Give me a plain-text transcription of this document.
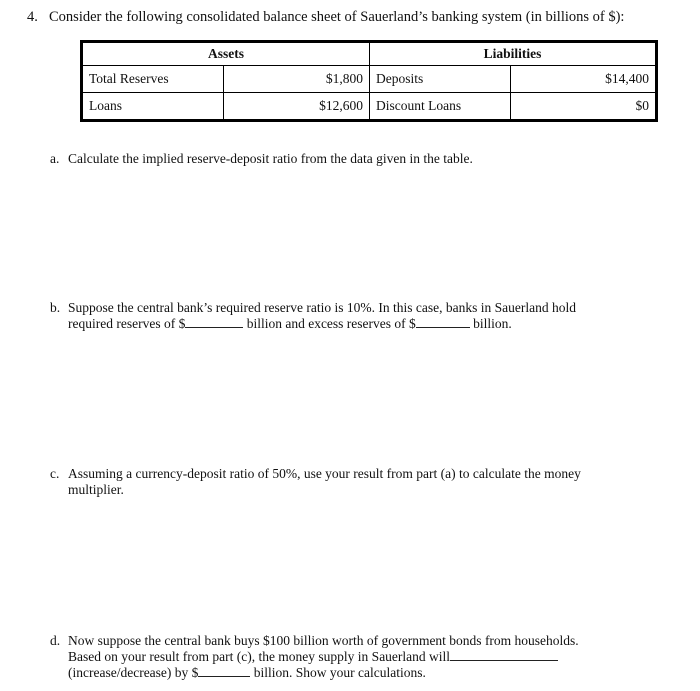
4. Consider the following consolidated balance sheet of Sauerland’s banking system (in billions of $):
Assets		Liabilities	
Total Reserves	$1,800	Deposits	$14,400
Loans	$12,600	Discount Loans	$0
a. Calculate the implied reserve-deposit ratio from the data given in the table.
b. Suppose the central bank’s required reserve ratio is 10%. In this case, banks in Sauerland hold
required reserves of $	billion and excess reserves of $	billion.
c. Assuming a currency-deposit ratio of 50%, use your result from part (a) to calculate the money
multiplier.
d. Now suppose the central bank buys $100 billion worth of government bonds from households.
Based on your result from part (c), the money supply in Sauerland will
(increase/decrease) by $	billion. Show your calculations.
